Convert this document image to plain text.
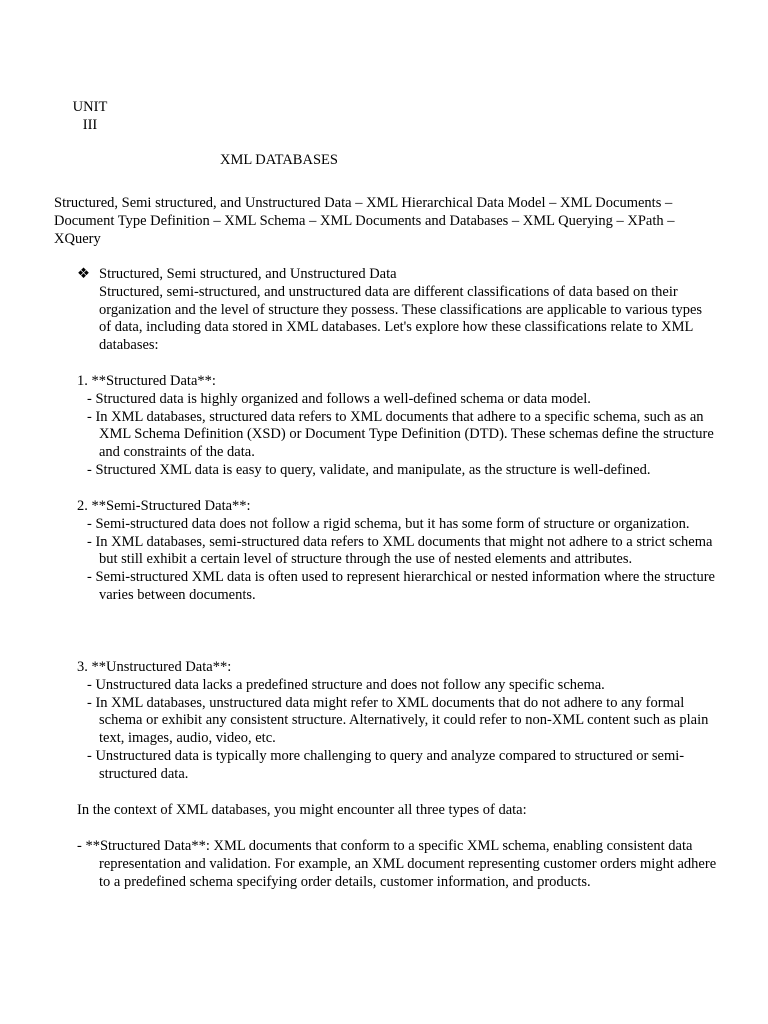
UNIT
III
XML DATABASES
Structured, Semi structured, and Unstructured Data – XML Hierarchical Data Model – XML Documents – Document Type Definition – XML Schema – XML Documents and Databases – XML Querying – XPath – XQuery
❖ Structured, Semi structured, and Unstructured Data
Structured, semi-structured, and unstructured data are different classifications of data based on their organization and the level of structure they possess. These classifications are applicable to various types of data, including data stored in XML databases. Let's explore how these classifications relate to XML databases:
1. **Structured Data**:
- Structured data is highly organized and follows a well-defined schema or data model.
- In XML databases, structured data refers to XML documents that adhere to a specific schema, such as an XML Schema Definition (XSD) or Document Type Definition (DTD). These schemas define the structure and constraints of the data.
- Structured XML data is easy to query, validate, and manipulate, as the structure is well-defined.
2. **Semi-Structured Data**:
- Semi-structured data does not follow a rigid schema, but it has some form of structure or organization.
- In XML databases, semi-structured data refers to XML documents that might not adhere to a strict schema but still exhibit a certain level of structure through the use of nested elements and attributes.
- Semi-structured XML data is often used to represent hierarchical or nested information where the structure varies between documents.
3. **Unstructured Data**:
- Unstructured data lacks a predefined structure and does not follow any specific schema.
- In XML databases, unstructured data might refer to XML documents that do not adhere to any formal schema or exhibit any consistent structure. Alternatively, it could refer to non-XML content such as plain text, images, audio, video, etc.
- Unstructured data is typically more challenging to query and analyze compared to structured or semi-structured data.
In the context of XML databases, you might encounter all three types of data:
- **Structured Data**: XML documents that conform to a specific XML schema, enabling consistent data representation and validation. For example, an XML document representing customer orders might adhere to a predefined schema specifying order details, customer information, and products.
